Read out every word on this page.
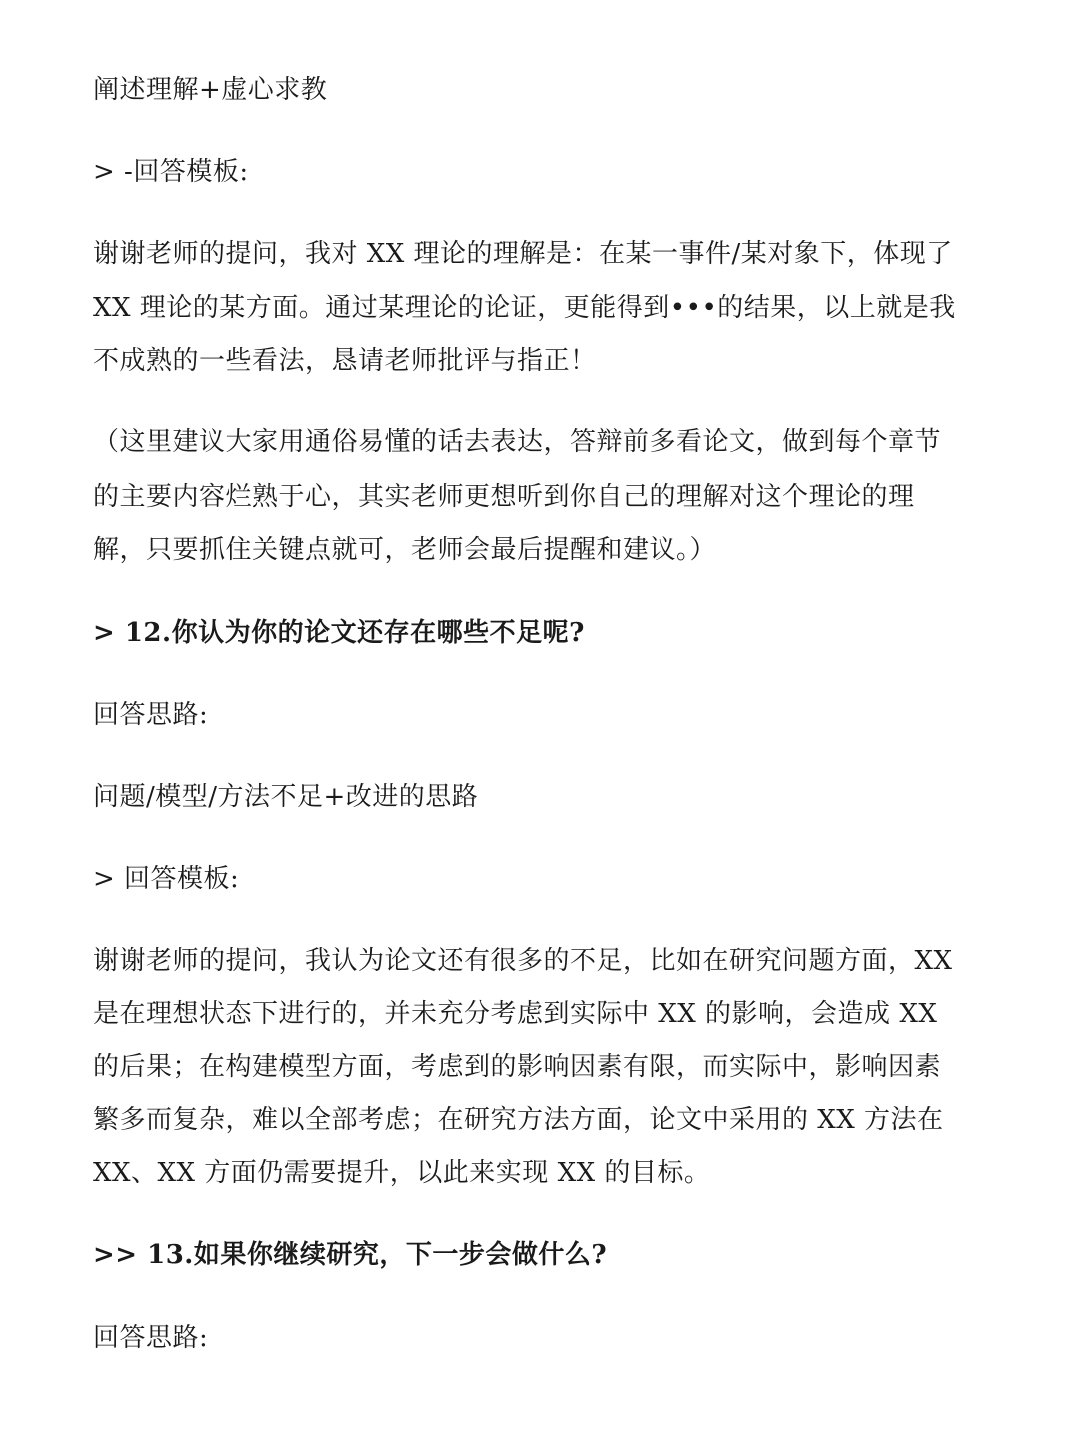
阐述理解+虚心求教

> -回答模板:

谢谢老师的提问，我对 XX 理论的理解是：在某一事件/某对象下，体现了

XX 理论的某方面。通过某理论的论证，更能得到•••的结果，以上就是我

不成熟的一些看法，恳请老师批评与指正！

（这里建议大家用通俗易懂的话去表达，答辩前多看论文，做到每个章节

的主要内容烂熟于心，其实老师更想听到你自己的理解对这个理论的理

解，只要抓住关键点就可，老师会最后提醒和建议。）

> 12.你认为你的论文还存在哪些不足呢?

回答思路:

问题/模型/方法不足+改进的思路

> 回答模板:

谢谢老师的提问，我认为论文还有很多的不足，比如在研究问题方面，XX

是在理想状态下进行的，并未充分考虑到实际中 XX 的影响，会造成 XX

的后果；在构建模型方面，考虑到的影响因素有限，而实际中，影响因素

繁多而复杂，难以全部考虑；在研究方法方面，论文中采用的 XX 方法在

XX、XX 方面仍需要提升，以此来实现 XX 的目标。

>> 13.如果你继续研究，下一步会做什么?

回答思路:
